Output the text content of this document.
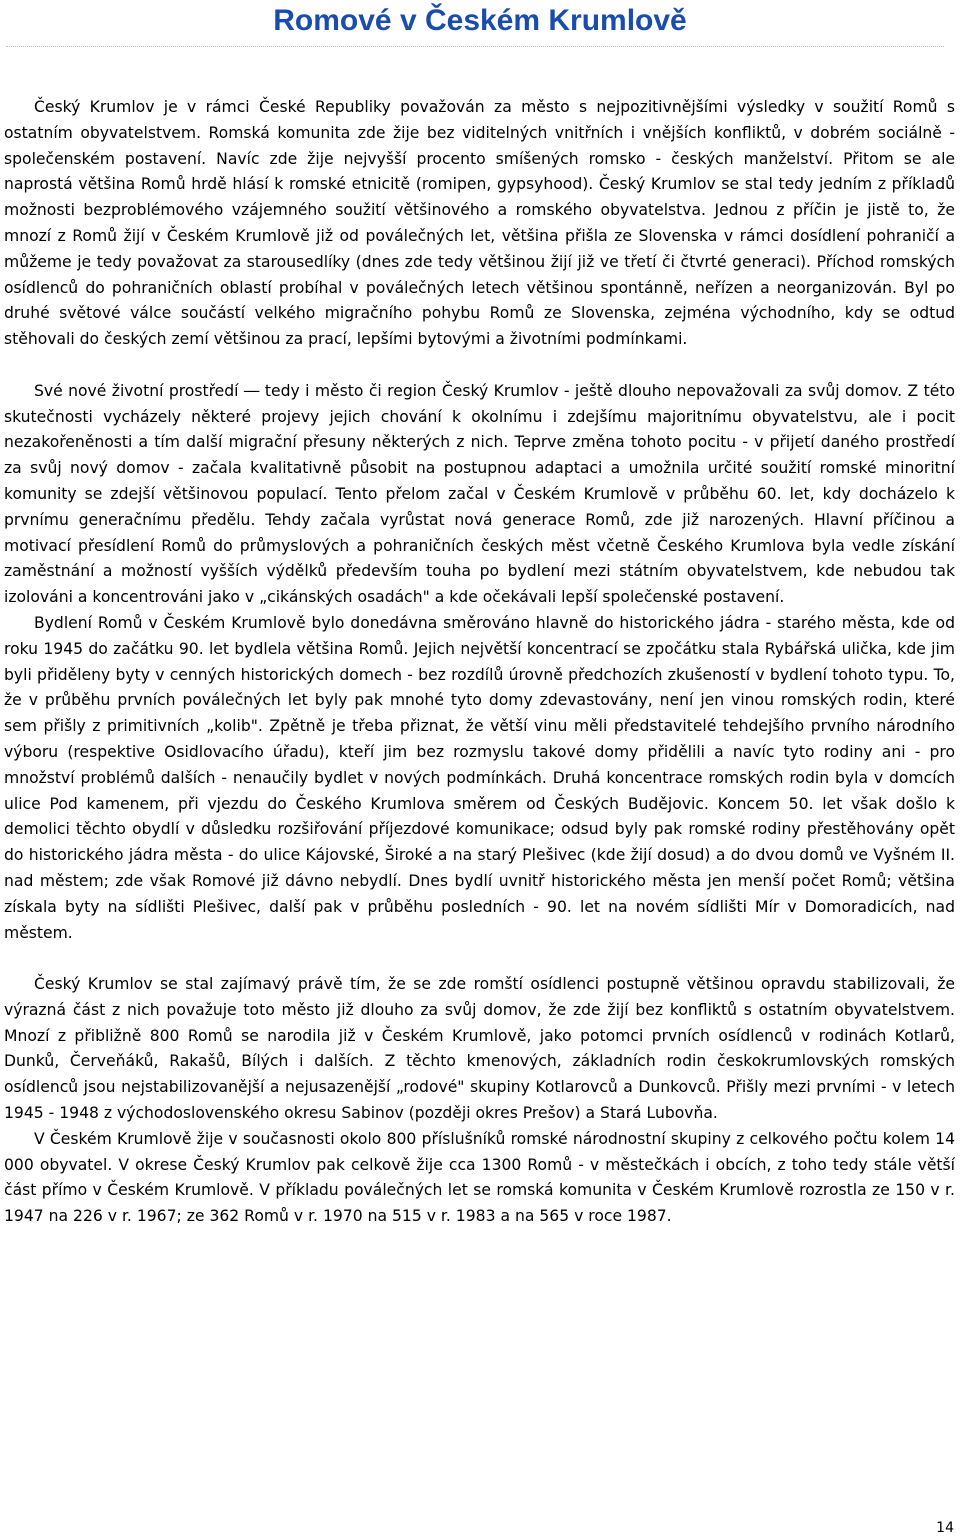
Romové v Českém Krumlově

Český Krumlov je v rámci České Republiky považován za město s nejpozitivnějšími výsledky v soužití Romů s ostatním obyvatelstvem. Romská komunita zde žije bez viditelných vnitřních i vnějších konfliktů, v dobrém sociálně - společenském postavení. Navíc zde žije nejvyšší procento smíšených romsko - českých manželství. Přitom se ale naprostá většina Romů hrdě hlásí k romské etnicitě (romipen, gypsyhood). Český Krumlov se stal tedy jedním z příkladů možnosti bezproblémového vzájemného soužití většinového a romského obyvatelstva. Jednou z příčin je jistě to, že mnozí z Romů žijí v Českém Krumlově již od poválečných let, většina přišla ze Slovenska v rámci dosídlení pohraničí a můžeme je tedy považovat za starousedlíky (dnes zde tedy většinou žijí již ve třetí či čtvrté generaci). Příchod romských osídlenců do pohraničních oblastí probíhal v poválečných letech většinou spontánně, neřízen a neorganizován. Byl po druhé světové válce součástí velkého migračního pohybu Romů ze Slovenska, zejména východního, kdy se odtud stěhovali do českých zemí většinou za prací, lepšími bytovými a životními podmínkami.

Své nové životní prostředí ― tedy i město či region Český Krumlov - ještě dlouho nepovažovali za svůj domov. Z této skutečnosti vycházely některé projevy jejich chování k okolnímu i zdejšímu majoritnímu obyvatelstvu, ale i pocit nezakořeněnosti a tím další migrační přesuny některých z nich. Teprve změna tohoto pocitu - v přijetí daného prostředí za svůj nový domov - začala kvalitativně působit na postupnou adaptaci a umožnila určité soužití romské minoritní komunity se zdejší většinovou populací. Tento přelom začal v Českém Krumlově v průběhu 60. let, kdy docházelo k prvnímu generačnímu předělu. Tehdy začala vyrůstat nová generace Romů, zde již narozených. Hlavní příčinou a motivací přesídlení Romů do průmyslových a pohraničních českých měst včetně Českého Krumlova byla vedle získání zaměstnání a možností vyšších výdělků především touha po bydlení mezi státním obyvatelstvem, kde nebudou tak izolováni a koncentrováni jako v „cikánských osadách" a kde očekávali lepší společenské postavení.

Bydlení Romů v Českém Krumlově bylo donedávna směrováno hlavně do historického jádra - starého města, kde od roku 1945 do začátku 90. let bydlela většina Romů. Jejich největší koncentrací se zpočátku stala Rybářská ulička, kde jim byli přiděleny byty v cenných historických domech - bez rozdílů úrovně předchozích zkušeností v bydlení tohoto typu. To, že v průběhu prvních poválečných let byly pak mnohé tyto domy zdevastovány, není jen vinou romských rodin, které sem přišly z primitivních „kolib". Zpětně je třeba přiznat, že větší vinu měli představitelé tehdejšího prvního národního výboru (respektive Osidlovacího úřadu), kteří jim bez rozmyslu takové domy přidělili a navíc tyto rodiny ani - pro množství problémů dalších - nenaučily bydlet v nových podmínkách. Druhá koncentrace romských rodin byla v domcích ulice Pod kamenem, při vjezdu do Českého Krumlova směrem od Českých Budějovic. Koncem 50. let však došlo k demolici těchto obydlí v důsledku rozšiřování příjezdové komunikace; odsud byly pak romské rodiny přestěhovány opět do historického jádra města - do ulice Kájovské, Široké a na starý Plešivec (kde žijí dosud) a do dvou domů ve Vyšném II. nad městem; zde však Romové již dávno nebydlí. Dnes bydlí uvnitř historického města jen menší počet Romů; většina získala byty na sídlišti Plešivec, další pak v průběhu posledních - 90. let na novém sídlišti Mír v Domoradicích, nad městem.

Český Krumlov se stal zajímavý právě tím, že se zde romští osídlenci postupně většinou opravdu stabilizovali, že výrazná část z nich považuje toto město již dlouho za svůj domov, že zde žijí bez konfliktů s ostatním obyvatelstvem. Mnozí z přibližně 800 Romů se narodila již v Českém Krumlově, jako potomci prvních osídlenců v rodinách Kotlarů, Dunků, Červeňáků, Rakašů, Bílých i dalších. Z těchto kmenových, základních rodin českokrumlovských romských osídlenců jsou nejstabilizovanější a nejusazenější „rodové" skupiny Kotlarovců a Dunkovců. Přišly mezi prvními - v letech 1945 - 1948 z východoslovenského okresu Sabinov (později okres Prešov) a Stará Lubovňa.

V Českém Krumlově žije v současnosti okolo 800 příslušníků romské národnostní skupiny z celkového počtu kolem 14 000 obyvatel. V okrese Český Krumlov pak celkově žije cca 1300 Romů - v městečkách i obcích, z toho tedy stále větší část přímo v Českém Krumlově. V příkladu poválečných let se romská komunita v Českém Krumlově rozrostla ze 150 v r. 1947 na 226 v r. 1967; ze 362 Romů v r. 1970 na 515 v r. 1983 a na 565 v roce 1987.

14
